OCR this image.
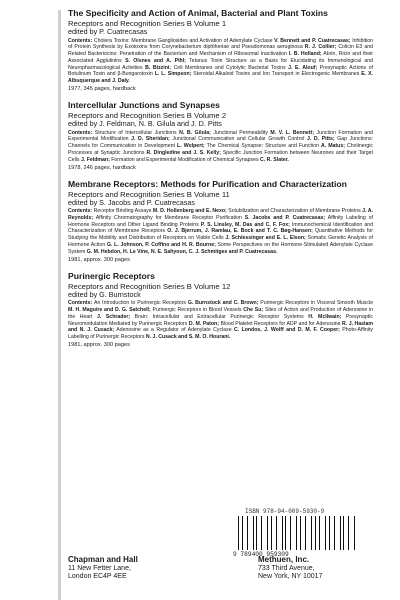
The Specificity and Action of Animal, Bacterial and Plant Toxins

Receptors and Recognition Series B Volume 1

edited by P. Cuatrecasas

Contents: Cholera Toxins: Membrane Gangliosides and Activation of Adenylate Cyclase V. Bennett and P. Cuatrecasas; Inhibition of Protein Synthesis by Exotoxins from Corynebacterium diphtheriae and Pseudomonas aeruginosa R. J. Collier; Colicin E3 and Related Bacteriocins: Penetration of the Bacterium and Mechanism of Ribosomal Inactivation I. B. Holland; Abrin, Ricin and their Associated Agglutinins S. Olsnes and A. Pihl; Tetanus Toxin Structure as a Basis for Elucidating its Immunological and Neuropharmacological Activities B. Bizzini; Cell Membranes and Cytolytic Bacterial Toxins J. E. Alouf; Presynaptic Actions of Botulinum Toxin and β-Bungarotoxin L. L. Simpson; Steroidal Alkaloid Toxins and Ion Transport in Electrogenic Membranes E. X. Albuquerque and J. Daly.

1977, 345 pages, hardback

Intercellular Junctions and Synapses

Receptors and Recognition Series B Volume 2

edited by J. Feldman, N. B. Gilula and J. D. Pitts

Contents: Structure of Intercellular Junctions N. B. Gilula; Junctional Permeability M. V. L. Bennett; Junction Formation and Experimental Modification J. D. Sheridan; Junctional Communication and Cellular Growth Control J. D. Pitts; Gap Junctions: Channels for Communication in Development L. Wolpert; The Chemical Synapse: Structure and Function A. Matus; Cholinergic Processes at Synaptic Junctions R. Dingledine and J. S. Kelly; Specific Junction Formation between Neurones and their Target Cells J. Feldman; Formation and Experimental Modification of Chemical Synapses C. R. Slater.

1978, 246 pages, hardback

Membrane Receptors: Methods for Purification and Characterization

Receptors and Recognition Series B Volume 11

edited by S. Jacobs and P. Cuatrecasas

Contents: Receptor Binding Assays M. D. Hollenberg and E. Nexo; Solubilization and Characterization of Membrane Proteins J. A. Reynolds; Affinity Chromatography for Membrane Receptor Purification S. Jacobs and P. Cuatrecasas; Affinity Labeling of Hormone Receptors and Other Ligand Binding Proteins P. S. Linsley, M. Das and C. F. Fox; Immunochemical Identification and Characterization of Membrane Receptors O. J. Bjerrum, J. Ramlau, E. Bock and T. C. Bøg-Hansen; Quantitative Methods for Studying the Mobility and Distribution of Receptors on Viable Cells J. Schlessinger and E. L. Elson; Somatic Genetic Analysis of Hormone Action G. L. Johnson, P. Coffino and H. R. Bourne; Some Perspectives on the Hormone-Stimulated Adenylate Cyclase System G. M. Hebdon, H. Le Vine, N. E. Sahyoun, C. J. Schmitges and P. Cuatrecasas.

1981, approx. 300 pages

Purinergic Receptors

Receptors and Recognition Series B Volume 12

edited by G. Burnstock

Contents: An Introduction to Purinergic Receptors G. Burnstock and C. Brown; Purinergic Receptors in Visceral Smooth Muscle M. H. Maguire and D. G. Satchell; Purinergic Receptors in Blood Vessels Che Su; Sites of Action and Production of Adenosine in the Heart J. Schrader; Brain: Intracellular and Extracellular Purinergic Receptor Systems H. McIlwain; Presynaptic Neuromodulation Mediated by Purinergic Receptors D. M. Paton; Blood Platelet Receptors for ADP and for Adenosine R. J. Haslam and N. J. Cusack; Adenosine as a Regulator of Adenylate Cyclase C. Londos, J. Wolff and D. M. F. Cooper; Photo-Affinity Labelling of Purinergic Receptors N. J. Cusack and S. M. O. Hourani.

1981, approx. 300 pages

ISBN 978-94-009-5930-9
9 789400 959309
Chapman and Hall
11 New Fetter Lane,
London EC4P 4EE
Methuen, Inc.
733 Third Avenue,
New York, NY 10017
